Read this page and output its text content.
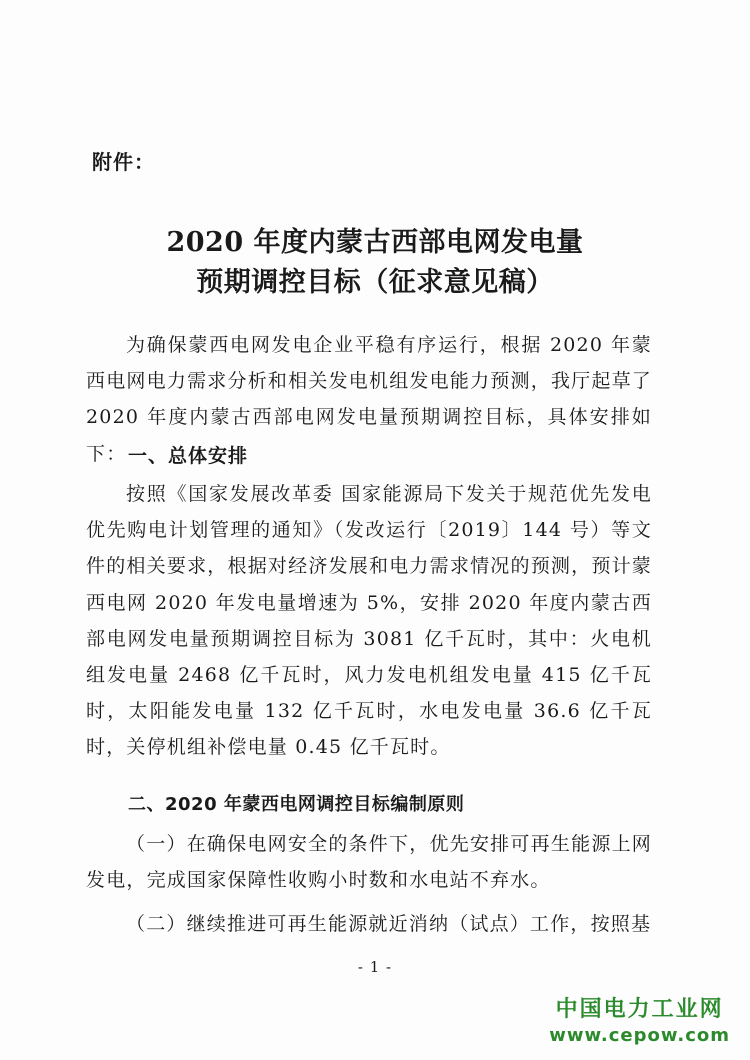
附件：
2020 年度内蒙古西部电网发电量
预期调控目标（征求意见稿）
为确保蒙西电网发电企业平稳有序运行，根据 2020 年蒙西电网电力需求分析和相关发电机组发电能力预测，我厅起草了 2020 年度内蒙古西部电网发电量预期调控目标，具体安排如下： 一、总体安排
按照《国家发展改革委 国家能源局下发关于规范优先发电优先购电计划管理的通知》（发改运行〔2019〕144 号）等文件的相关要求，根据对经济发展和电力需求情况的预测，预计蒙西电网 2020 年发电量增速为 5%，安排 2020 年度内蒙古西部电网发电量预期调控目标为 3081 亿千瓦时，其中：火电机组发电量 2468 亿千瓦时，风力发电机组发电量 415 亿千瓦时，太阳能发电量 132 亿千瓦时，水电发电量 36.6 亿千瓦时，关停机组补偿电量 0.45 亿千瓦时。
二、2020 年蒙西电网调控目标编制原则
（一）在确保电网安全的条件下，优先安排可再生能源上网发电，完成国家保障性收购小时数和水电站不弃水。
（二）继续推进可再生能源就近消纳（试点）工作，按照基
- 1 -
中国电力工业网
www.cepow.com
